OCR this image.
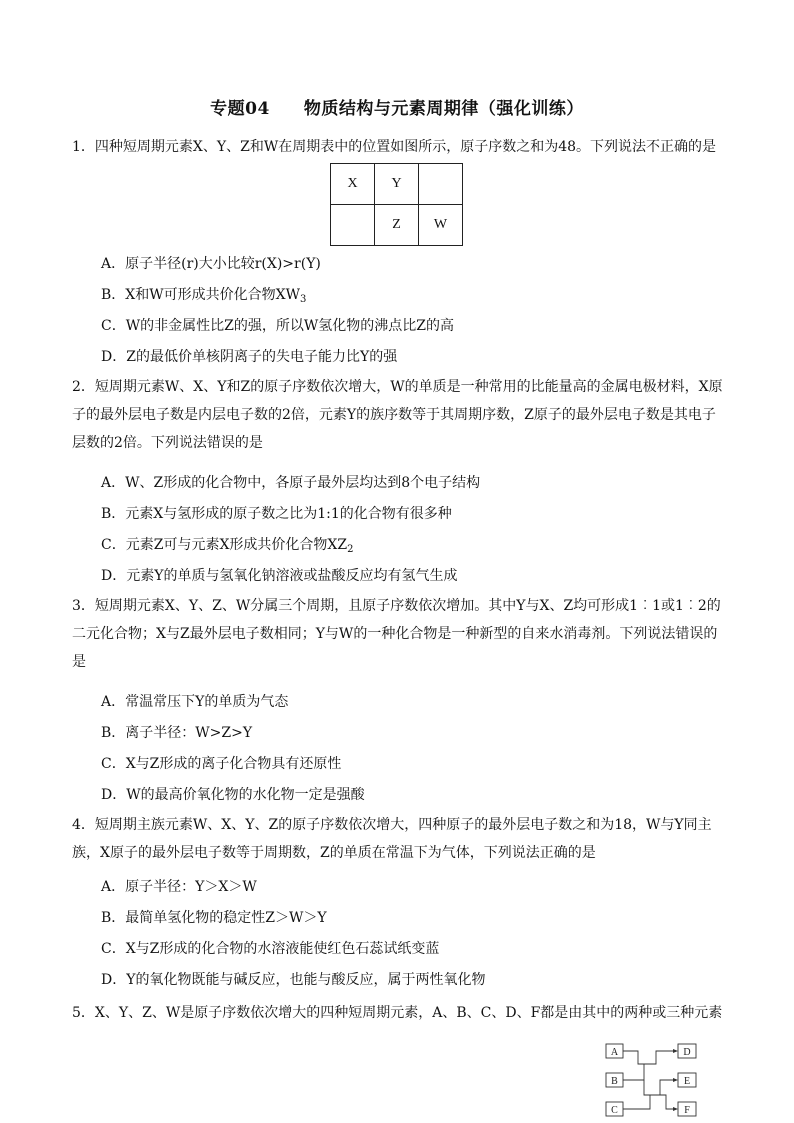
专题04 物质结构与元素周期律（强化训练）
1．四种短周期元素X、Y、Z和W在周期表中的位置如图所示，原子序数之和为48。下列说法不正确的是
X	Y	
	Z	W
A．原子半径(r)大小比较r(X)>r(Y)
B．X和W可形成共价化合物$XW_3$
C．W的非金属性比Z的强，所以W氢化物的沸点比Z的高
D．Z的最低价单核阴离子的失电子能力比Y的强
2．短周期元素W、X、Y和Z的原子序数依次增大，W的单质是一种常用的比能量高的金属电极材料，X原子的最外层电子数是内层电子数的2倍，元素Y的族序数等于其周期序数，Z原子的最外层电子数是其电子层数的2倍。下列说法错误的是
A．W、Z形成的化合物中，各原子最外层均达到8个电子结构
B．元素X与氢形成的原子数之比为1:1的化合物有很多种
C．元素Z可与元素X形成共价化合物$XZ_2$
D．元素Y的单质与氢氧化钠溶液或盐酸反应均有氢气生成
3．短周期元素X、Y、Z、W分属三个周期，且原子序数依次增加。其中Y与X、Z均可形成1︰1或1︰2的二元化合物；X与Z最外层电子数相同；Y与W的一种化合物是一种新型的自来水消毒剂。下列说法错误的是
A．常温常压下Y的单质为气态
B．离子半径：W>Z>Y
C．X与Z形成的离子化合物具有还原性
D．W的最高价氧化物的水化物一定是强酸
4．短周期主族元素W、X、Y、Z的原子序数依次增大，四种原子的最外层电子数之和为18，W与Y同主族，X原子的最外层电子数等于周期数，Z的单质在常温下为气体，下列说法正确的是
A．原子半径：Y＞X＞W
B．最简单氢化物的稳定性Z＞W＞Y
C．X与Z形成的化合物的水溶液能使红色石蕊试纸变蓝
D．Y的氧化物既能与碱反应，也能与酸反应，属于两性氧化物
5．X、Y、Z、W是原子序数依次增大的四种短周期元素，A、B、C、D、F都是由其中的两种或三种元素
A
B
C
D
E
F
